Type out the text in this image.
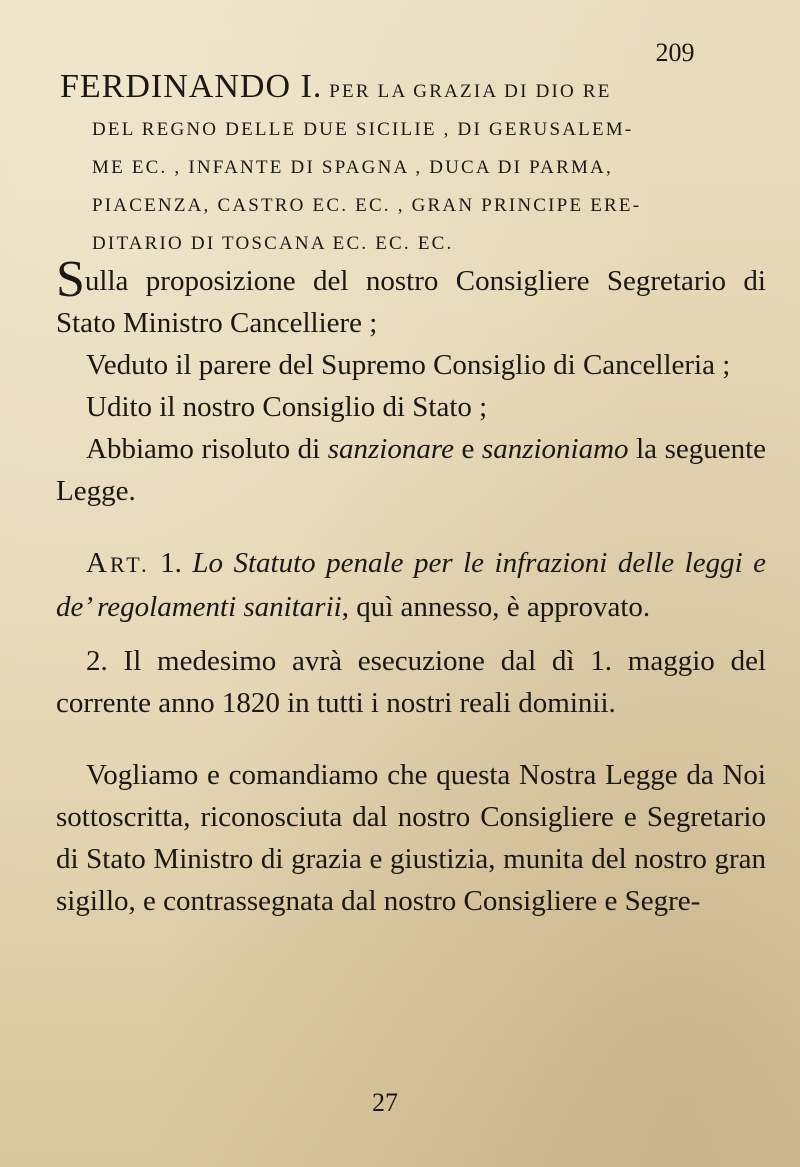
209
FERDINANDO I. PER LA GRAZIA DI DIO RE
DEL REGNO DELLE DUE SICILIE , DI GERUSALEM-
ME EC. , INFANTE DI SPAGNA , DUCA DI PARMA,
PIACENZA, CASTRO EC. EC. , GRAN PRINCIPE ERE-
DITARIO DI TOSCANA EC. EC. EC.

Sulla proposizione del nostro Consigliere Segretario di Stato Ministro Cancelliere ;

Veduto il parere del Supremo Consiglio di Cancelleria ;

Udito il nostro Consiglio di Stato ;

Abbiamo risoluto di sanzionare e sanzioniamo la seguente Legge.

ART. 1. Lo Statuto penale per le infrazioni delle leggi e de’ regolamenti sanitarii, quì annesso, è approvato.

2. Il medesimo avrà esecuzione dal dì 1. maggio del corrente anno 1820 in tutti i nostri reali dominii.

Vogliamo e comandiamo che questa Nostra Legge da Noi sottoscritta, riconosciuta dal nostro Consigliere e Segretario di Stato Ministro di grazia e giustizia, munita del nostro gran sigillo, e contrassegnata dal nostro Consigliere e Segre-

27
